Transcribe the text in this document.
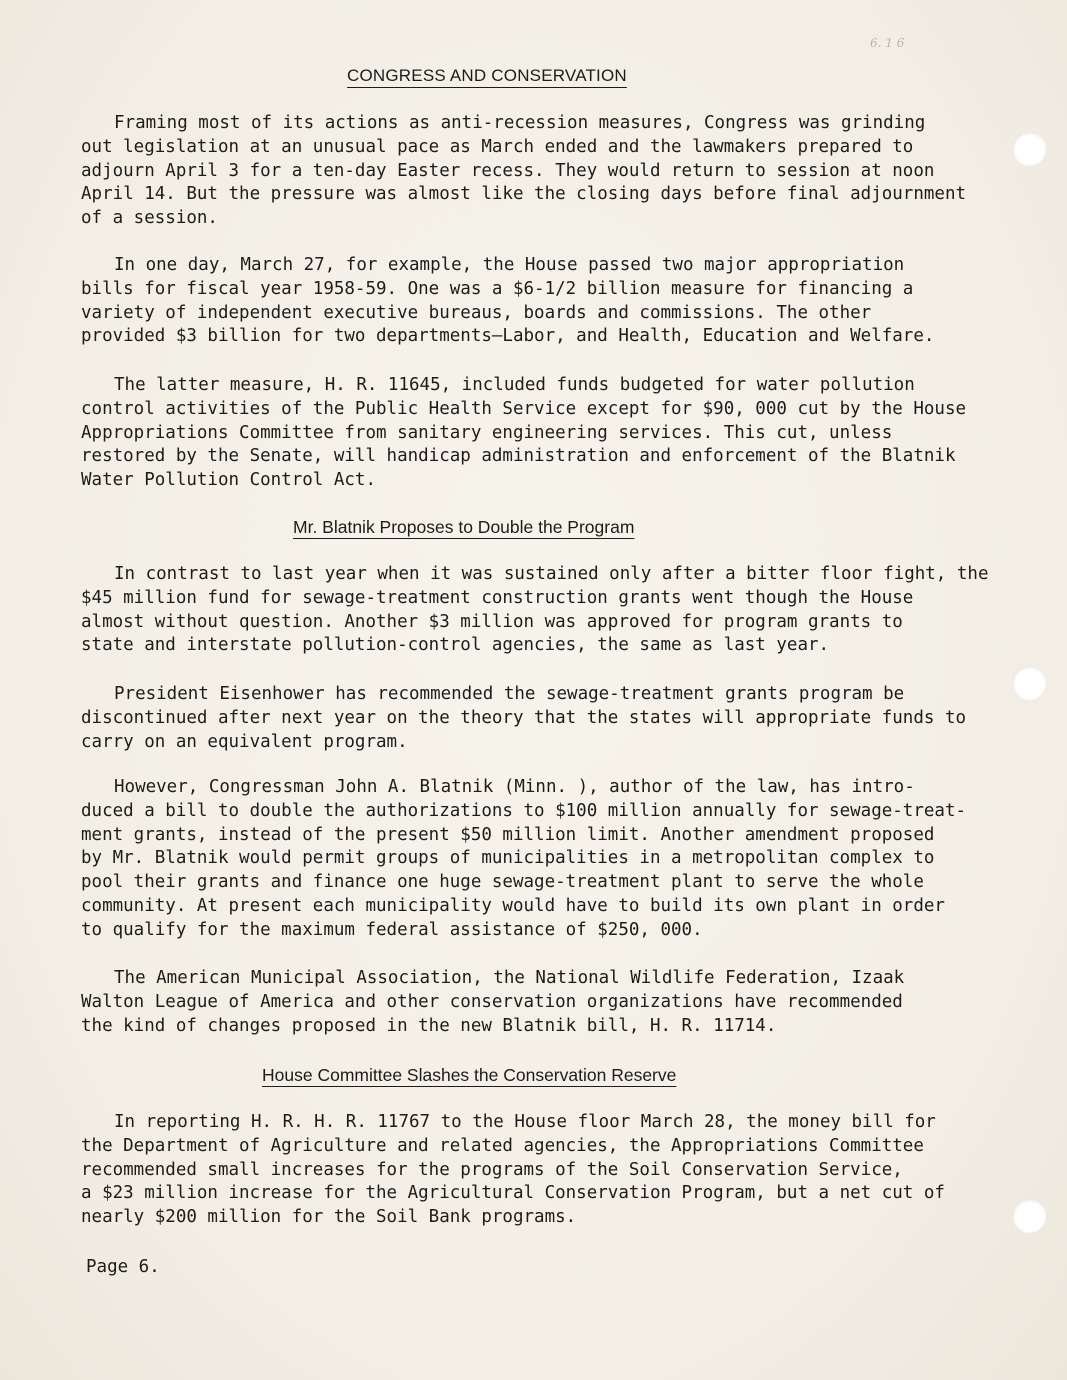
6. 1 6
CONGRESS AND CONSERVATION
Framing most of its actions as anti-recession measures, Congress was grinding
out legislation at an unusual pace as March ended and the lawmakers prepared to
adjourn April 3 for a ten-day Easter recess. They would return to session at noon
April 14. But the pressure was almost like the closing days before final adjournment
of a session.
In one day, March 27, for example, the House passed two major appropriation
bills for fiscal year 1958-59. One was a $6-1/2 billion measure for financing a
variety of independent executive bureaus, boards and commissions. The other
provided $3 billion for two departments—Labor, and Health, Education and Welfare.
The latter measure, H. R. 11645, included funds budgeted for water pollution
control activities of the Public Health Service except for $90, 000 cut by the House
Appropriations Committee from sanitary engineering services. This cut, unless
restored by the Senate, will handicap administration and enforcement of the Blatnik
Water Pollution Control Act.
Mr. Blatnik Proposes to Double the Program
In contrast to last year when it was sustained only after a bitter floor fight, the
$45 million fund for sewage-treatment construction grants went though the House
almost without question. Another $3 million was approved for program grants to
state and interstate pollution-control agencies, the same as last year.
President Eisenhower has recommended the sewage-treatment grants program be
discontinued after next year on the theory that the states will appropriate funds to
carry on an equivalent program.
However, Congressman John A. Blatnik (Minn. ), author of the law, has intro-
duced a bill to double the authorizations to $100 million annually for sewage-treat-
ment grants, instead of the present $50 million limit. Another amendment proposed
by Mr. Blatnik would permit groups of municipalities in a metropolitan complex to
pool their grants and finance one huge sewage-treatment plant to serve the whole
community. At present each municipality would have to build its own plant in order
to qualify for the maximum federal assistance of $250, 000.
The American Municipal Association, the National Wildlife Federation, Izaak
Walton League of America and other conservation organizations have recommended
the kind of changes proposed in the new Blatnik bill, H. R. 11714.
House Committee Slashes the Conservation Reserve
In reporting H. R. H. R. 11767 to the House floor March 28, the money bill for
the Department of Agriculture and related agencies, the Appropriations Committee
recommended small increases for the programs of the Soil Conservation Service,
a $23 million increase for the Agricultural Conservation Program, but a net cut of
nearly $200 million for the Soil Bank programs.
Page 6.
